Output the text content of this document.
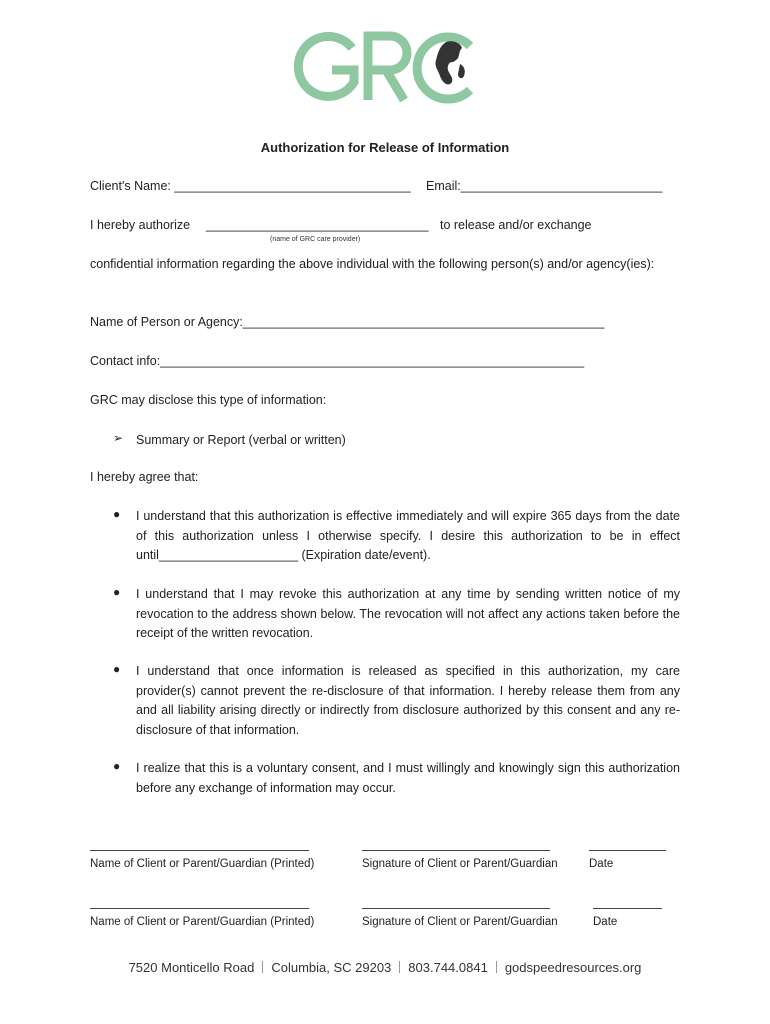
Authorization for Release of Information
Client's Name: __________________________________ Email:_____________________________
I hereby authorize ________________________________ to release and/or exchange
(name of GRC care provider)
confidential information regarding the above individual with the following person(s) and/or agency(ies):
Name of Person or Agency:____________________________________________________
Contact info:_____________________________________________________________
GRC may disclose this type of information:
➢ Summary or Report (verbal or written)
I hereby agree that:
● I understand that this authorization is effective immediately and will expire 365 days from the date of this authorization unless I otherwise specify. I desire this authorization to be in effect until____________________ (Expiration date/event).
● I understand that I may revoke this authorization at any time by sending written notice of my revocation to the address shown below. The revocation will not affect any actions taken before the receipt of the written revocation.
● I understand that once information is released as specified in this authorization, my care provider(s) cannot prevent the re-disclosure of that information. I hereby release them from any and all liability arising directly or indirectly from disclosure authorized by this consent and any re-disclosure of that information.
● I realize that this is a voluntary consent, and I must willingly and knowingly sign this authorization before any exchange of information may occur.
Name of Client or Parent/Guardian (Printed)	Signature of Client or Parent/Guardian	Date
Name of Client or Parent/Guardian (Printed)	Signature of Client or Parent/Guardian	Date
7520 Monticello Road Columbia, SC 29203 803.744.0841 godspeedresources.org
